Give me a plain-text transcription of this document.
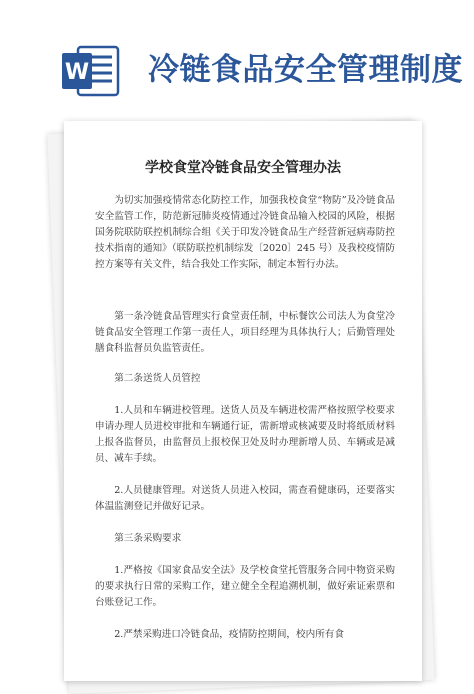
W 冷链食品安全管理制度
学校食堂冷链食品安全管理办法
为切实加强疫情常态化防控工作，加强我校食堂“物防”及冷链食品安全监管工作，防范新冠肺炎疫情通过冷链食品输入校园的风险，根据国务院联防联控机制综合组《关于印发冷链食品生产经营新冠病毒防控技术指南的通知》（联防联控机制综发〔2020〕245 号）及我校疫情防控方案等有关文件，结合我处工作实际，制定本暂行办法。
第一条冷链食品管理实行食堂责任制，中标餐饮公司法人为食堂冷链食品安全管理工作第一责任人，项目经理为具体执行人；后勤管理处膳食科监督员负监管责任。
第二条送货人员管控
1.人员和车辆进校管理。送货人员及车辆进校需严格按照学校要求申请办理人员进校审批和车辆通行证，需新增或核减要及时将纸质材料上报各监督员，由监督员上报校保卫处及时办理新增人员、车辆或是减员、减车手续。
2.人员健康管理。对送货人员进入校园，需查看健康码，还要落实体温监测登记并做好记录。
第三条采购要求
1.严格按《国家食品安全法》及学校食堂托管服务合同中物资采购的要求执行日常的采购工作，建立健全全程追溯机制，做好索证索票和台账登记工作。
2.严禁采购进口冷链食品，疫情防控期间，校内所有食
